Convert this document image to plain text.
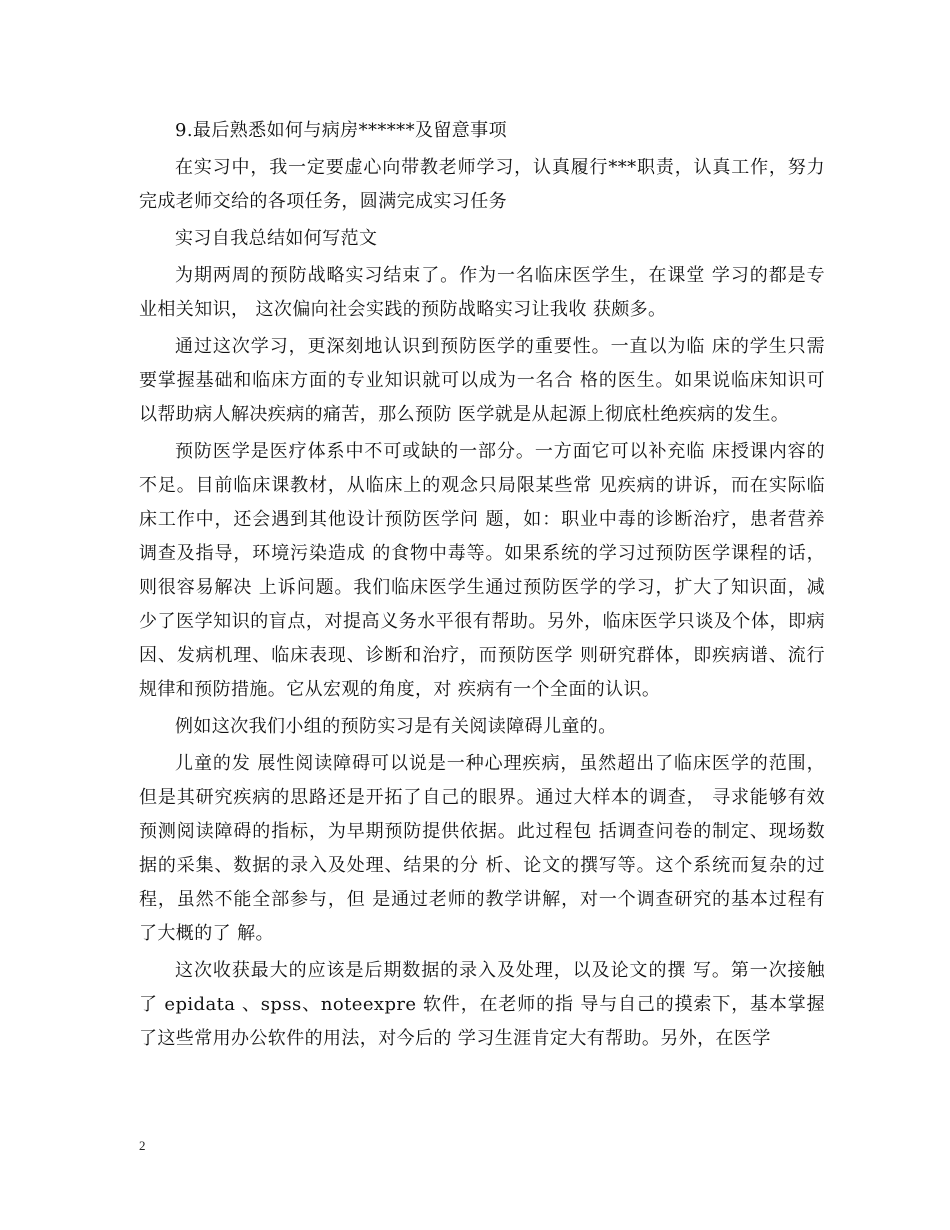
9.最后熟悉如何与病房******及留意事项

在实习中，我一定要虚心向带教老师学习，认真履行***职责，认真工作，努力完成老师交给的各项任务，圆满完成实习任务

实习自我总结如何写范文

为期两周的预防战略实习结束了。作为一名临床医学生，在课堂 学习的都是专业相关知识， 这次偏向社会实践的预防战略实习让我收 获颇多。

通过这次学习，更深刻地认识到预防医学的重要性。一直以为临 床的学生只需要掌握基础和临床方面的专业知识就可以成为一名合 格的医生。如果说临床知识可以帮助病人解决疾病的痛苦，那么预防 医学就是从起源上彻底杜绝疾病的发生。

预防医学是医疗体系中不可或缺的一部分。一方面它可以补充临 床授课内容的不足。目前临床课教材，从临床上的观念只局限某些常 见疾病的讲诉，而在实际临床工作中，还会遇到其他设计预防医学问 题，如：职业中毒的诊断治疗，患者营养调查及指导，环境污染造成 的食物中毒等。如果系统的学习过预防医学课程的话，则很容易解决 上诉问题。我们临床医学生通过预防医学的学习，扩大了知识面，减 少了医学知识的盲点，对提高义务水平很有帮助。另外，临床医学只谈及个体，即病因、发病机理、临床表现、诊断和治疗，而预防医学 则研究群体，即疾病谱、流行规律和预防措施。它从宏观的角度，对 疾病有一个全面的认识。

例如这次我们小组的预防实习是有关阅读障碍儿童的。

儿童的发 展性阅读障碍可以说是一种心理疾病，虽然超出了临床医学的范围， 但是其研究疾病的思路还是开拓了自己的眼界。通过大样本的调查， 寻求能够有效预测阅读障碍的指标，为早期预防提供依据。此过程包 括调查问卷的制定、现场数据的采集、数据的录入及处理、结果的分 析、论文的撰写等。这个系统而复杂的过程，虽然不能全部参与，但 是通过老师的教学讲解，对一个调查研究的基本过程有了大概的了 解。

这次收获最大的应该是后期数据的录入及处理，以及论文的撰 写。第一次接触了 epidata 、spss、noteexpre 软件，在老师的指 导与自己的摸索下，基本掌握了这些常用办公软件的用法，对今后的 学习生涯肯定大有帮助。另外，在医学

2
